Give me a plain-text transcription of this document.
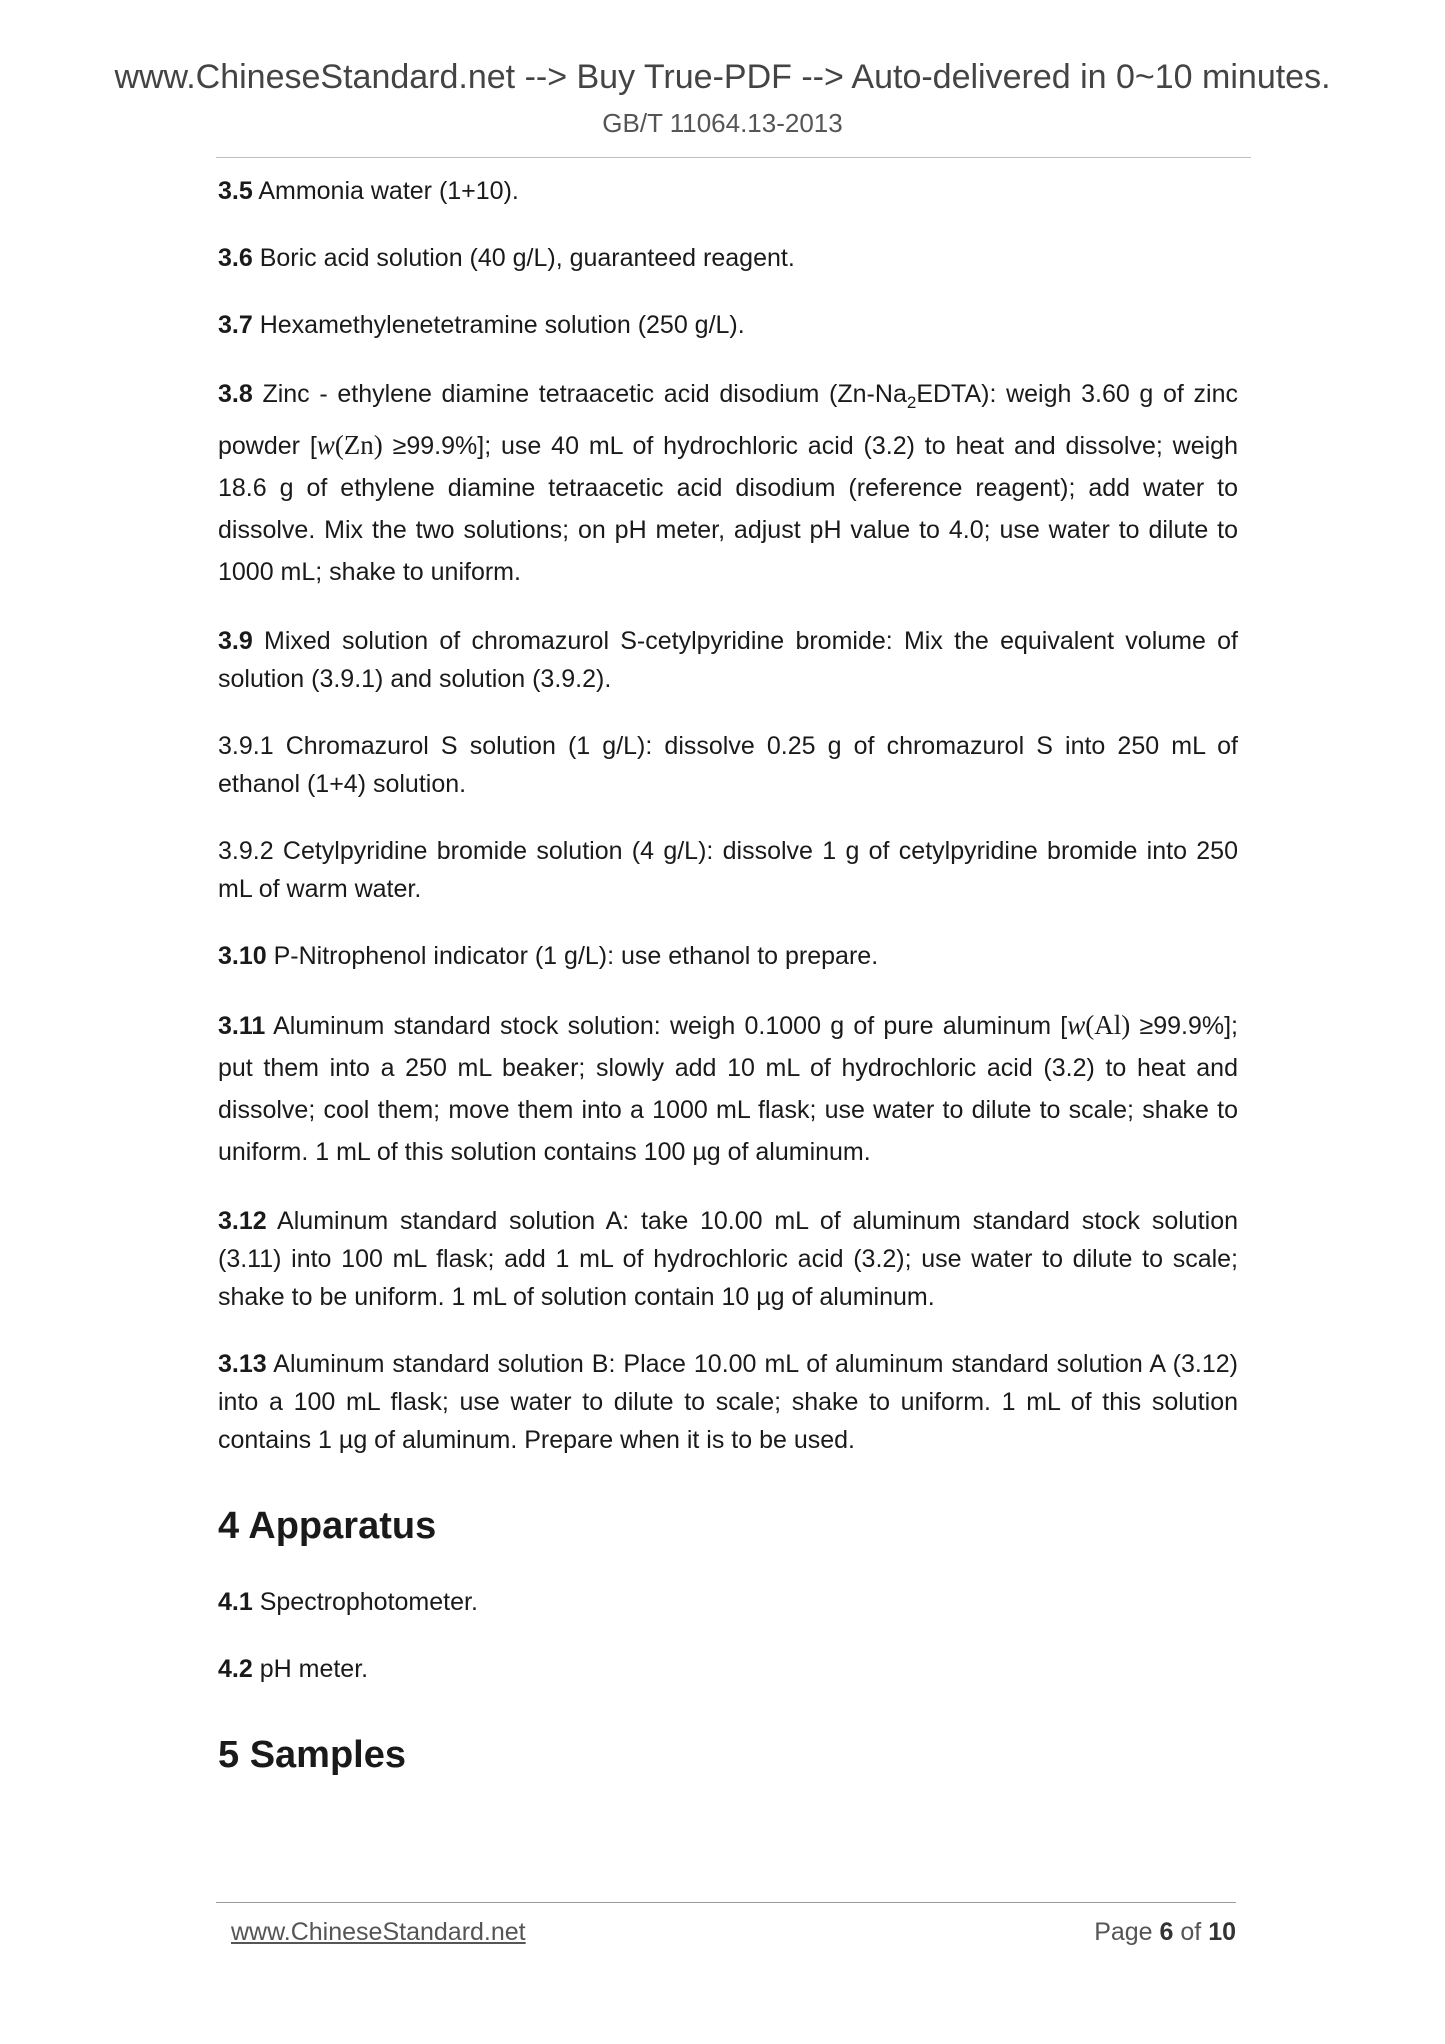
www.ChineseStandard.net --> Buy True-PDF --> Auto-delivered in 0~10 minutes.
GB/T 11064.13-2013

3.5 Ammonia water (1+10).

3.6 Boric acid solution (40 g/L), guaranteed reagent.

3.7 Hexamethylenetetramine solution (250 g/L).

3.8 Zinc - ethylene diamine tetraacetic acid disodium $(Zn-Na_2EDTA)$: weigh 3.60 g of zinc powder [w(Zn) ≥99.9%]; use 40 mL of hydrochloric acid (3.2) to heat and dissolve; weigh 18.6 g of ethylene diamine tetraacetic acid disodium (reference reagent); add water to dissolve. Mix the two solutions; on pH meter, adjust pH value to 4.0; use water to dilute to 1000 mL; shake to uniform.

3.9 Mixed solution of chromazurol S-cetylpyridine bromide: Mix the equivalent volume of solution (3.9.1) and solution (3.9.2).

3.9.1 Chromazurol S solution (1 g/L): dissolve 0.25 g of chromazurol S into 250 mL of ethanol (1+4) solution.

3.9.2 Cetylpyridine bromide solution (4 g/L): dissolve 1 g of cetylpyridine bromide into 250 mL of warm water.

3.10 P-Nitrophenol indicator (1 g/L): use ethanol to prepare.

3.11 Aluminum standard stock solution: weigh 0.1000 g of pure aluminum [w(Al) ≥99.9%]; put them into a 250 mL beaker; slowly add 10 mL of hydrochloric acid (3.2) to heat and dissolve; cool them; move them into a 1000 mL flask; use water to dilute to scale; shake to uniform. 1 mL of this solution contains 100 µg of aluminum.

3.12 Aluminum standard solution A: take 10.00 mL of aluminum standard stock solution (3.11) into 100 mL flask; add 1 mL of hydrochloric acid (3.2); use water to dilute to scale; shake to be uniform. 1 mL of solution contain 10 µg of aluminum.

3.13 Aluminum standard solution B: Place 10.00 mL of aluminum standard solution A (3.12) into a 100 mL flask; use water to dilute to scale; shake to uniform. 1 mL of this solution contains 1 µg of aluminum. Prepare when it is to be used.

4 Apparatus

4.1 Spectrophotometer.

4.2 pH meter.

5 Samples
www.ChineseStandard.net	Page 6 of 10
